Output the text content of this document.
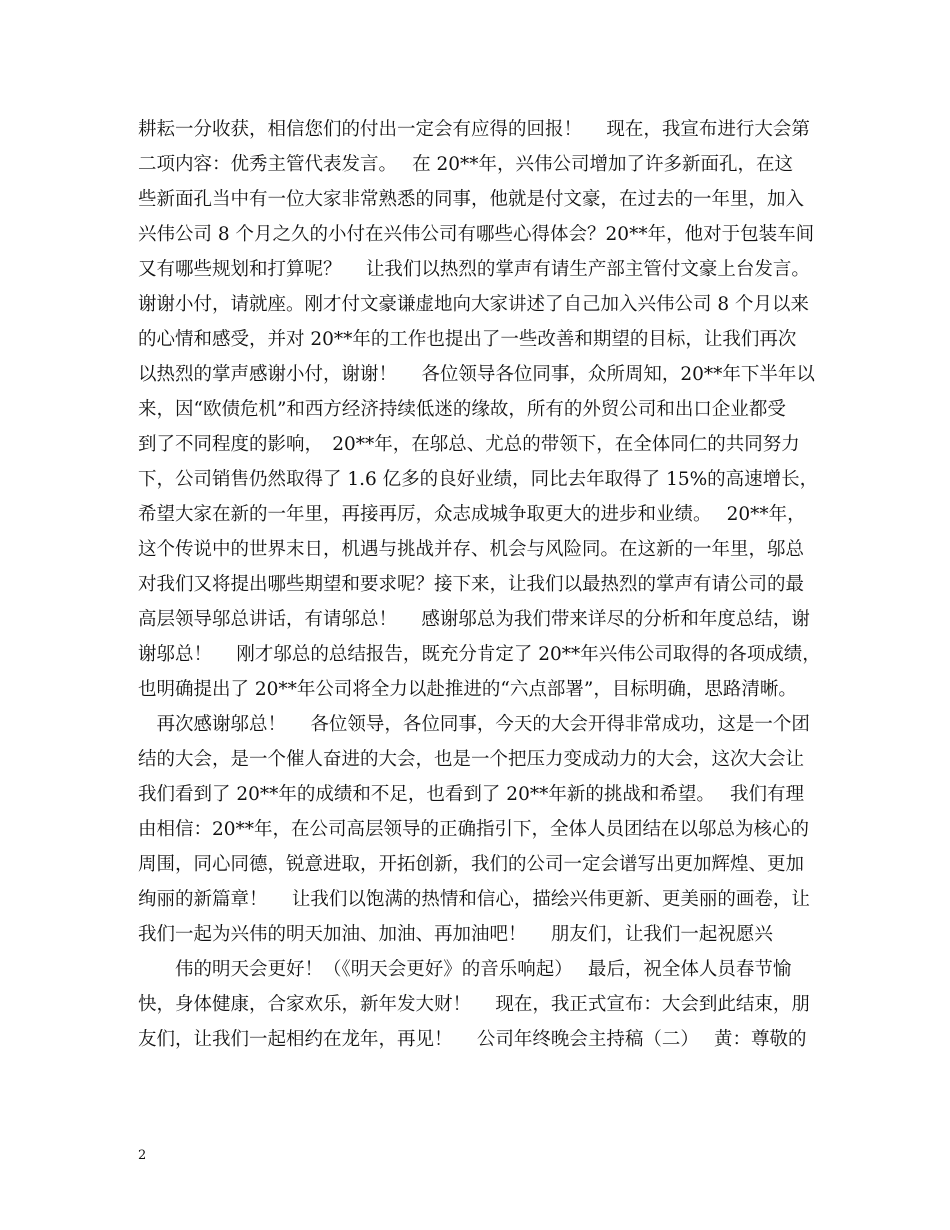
耕耘一分收获，相信您们的付出一定会有应得的回报！　 现在，我宣布进行大会第
二项内容：优秀主管代表发言。　 在 20**年，兴伟公司增加了许多新面孔，在这
些新面孔当中有一位大家非常熟悉的同事，他就是付文豪，在过去的一年里，加入
兴伟公司 8 个月之久的小付在兴伟公司有哪些心得体会？20**年，他对于包装车间
又有哪些规划和打算呢？　 让我们以热烈的掌声有请生产部主管付文豪上台发言。
谢谢小付，请就座。刚才付文豪谦虚地向大家讲述了自己加入兴伟公司 8 个月以来
的心情和感受，并对 20**年的工作也提出了一些改善和期望的目标，让我们再次
以热烈的掌声感谢小付，谢谢！　 各位领导各位同事，众所周知，20**年下半年以
来，因“欧债危机”和西方经济持续低迷的缘故，所有的外贸公司和出口企业都受
到了不同程度的影响，　20**年，在邬总、尤总的带领下，在全体同仁的共同努力
下，公司销售仍然取得了 1.6 亿多的良好业绩，同比去年取得了 15%的高速增长，
希望大家在新的一年里，再接再厉，众志成城争取更大的进步和业绩。　 20**年，
这个传说中的世界末日，机遇与挑战并存、机会与风险同。在这新的一年里，邬总
对我们又将提出哪些期望和要求呢？接下来，让我们以最热烈的掌声有请公司的最
高层领导邬总讲话，有请邬总！　 感谢邬总为我们带来详尽的分析和年度总结，谢
谢邬总！　 刚才邬总的总结报告，既充分肯定了 20**年兴伟公司取得的各项成绩，
也明确提出了 20**年公司将全力以赴推进的“六点部署”，目标明确，思路清晰。
　再次感谢邬总！　 各位领导，各位同事，今天的大会开得非常成功，这是一个团
结的大会，是一个催人奋进的大会，也是一个把压力变成动力的大会，这次大会让
我们看到了 20**年的成绩和不足，也看到了 20**年新的挑战和希望。　 我们有理
由相信：20**年，在公司高层领导的正确指引下，全体人员团结在以邬总为核心的
周围，同心同德，锐意进取，开拓创新，我们的公司一定会谱写出更加辉煌、更加
绚丽的新篇章！　 让我们以饱满的热情和信心，描绘兴伟更新、更美丽的画卷，让
我们一起为兴伟的明天加油、加油、再加油吧！　 朋友们，让我们一起祝愿兴
　　伟的明天会更好！（《明天会更好》的音乐响起）　 最后，祝全体人员春节愉
快，身体健康，合家欢乐，新年发大财！　 现在，我正式宣布：大会到此结束，朋
友们，让我们一起相约在龙年，再见！　 公司年终晚会主持稿（二）　 黄：尊敬的
2
